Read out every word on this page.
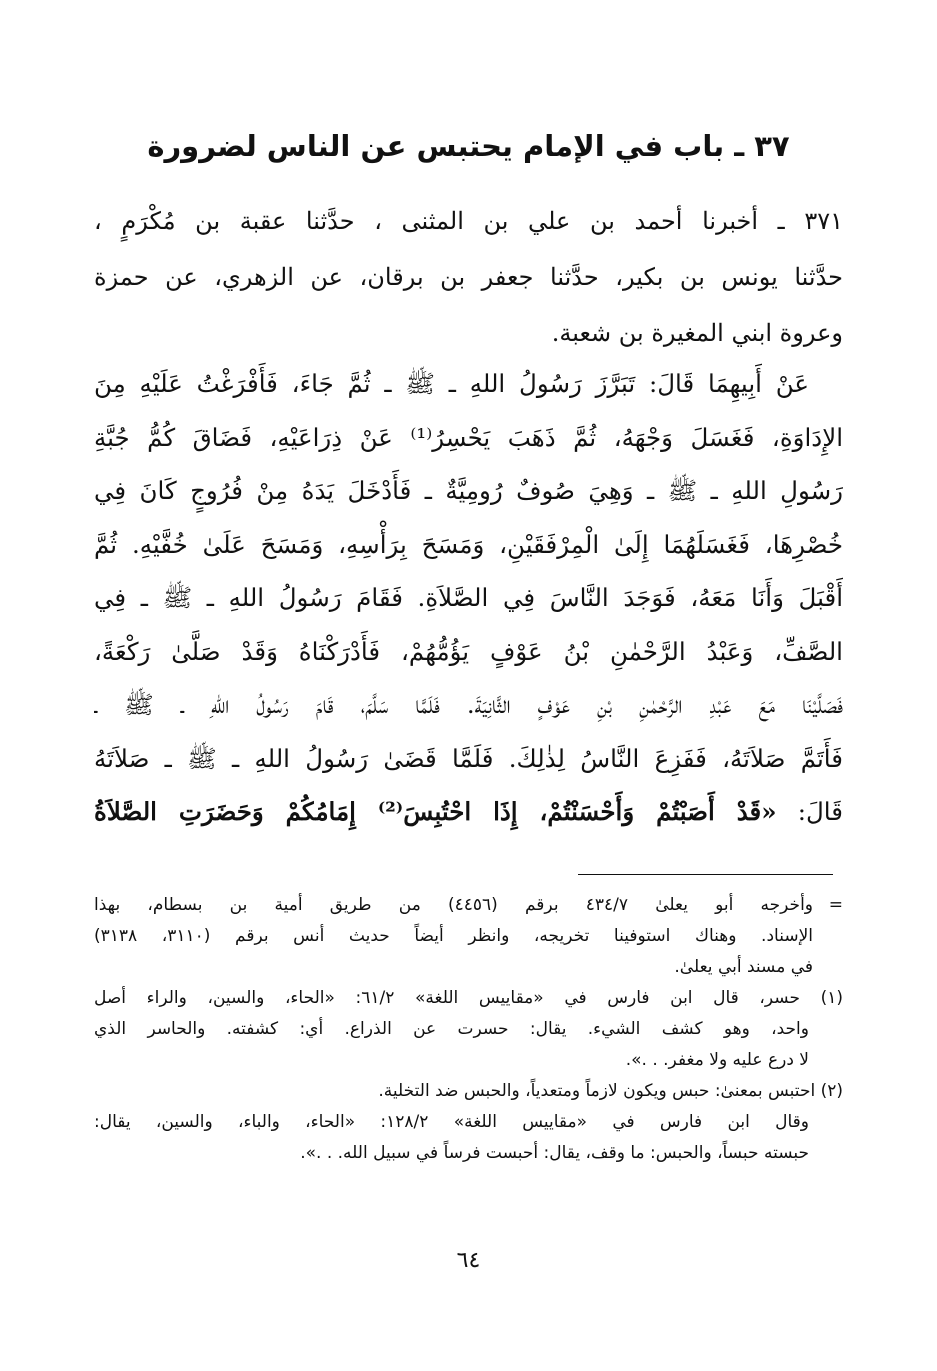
٣٧ ـ باب في الإمام يحتبس عن الناس لضرورة
٣٧١ ـ أخبرنا أحمد بن علي بن المثنى ، حدَّثنا عقبة بن مُكْرَمٍ ،
حدَّثنا يونس بن بكير، حدَّثنا جعفر بن برقان، عن الزهري، عن حمزة
وعروة ابني المغيرة بن شعبة.
عَنْ أَبِيهِمَا قَالَ: تَبَرَّزَ رَسُولُ اللهِ ـ ﷺ ـ ثُمَّ جَاءَ، فَأَفْرَغْتُ عَلَيْهِ مِنَ
الإِدَاوَةِ، فَغَسَلَ وَجْهَهُ، ثُمَّ ذَهَبَ يَحْسِرُ⁽¹⁾ عَنْ ذِرَاعَيْهِ، فَضَاقَ كُمُّ جُبَّةِ
رَسُولِ اللهِ ـ ﷺ ـ وَهِيَ صُوفٌ رُومِيَّةٌ ـ فَأَدْخَلَ يَدَهُ مِنْ فُرُوجٍ كَانَ فِي
خُصْرِهَا، فَغَسَلَهُمَا إِلَىٰ الْمِرْفَقَيْنِ، وَمَسَحَ بِرَأْسِهِ، وَمَسَحَ عَلَىٰ خُفَّيْهِ. ثُمَّ
أَقْبَلَ وَأَنَا مَعَهُ، فَوَجَدَ النَّاسَ فِي الصَّلاَةِ. فَقَامَ رَسُولُ اللهِ ـ ﷺ ـ فِي
الصَّفِّ، وَعَبْدُ الرَّحْمٰنِ بْنُ عَوْفٍ يَؤُمُّهُمْ، فَأَدْرَكْنَاهُ وَقَدْ صَلَّىٰ رَكْعَةً،
فَصَلَّيْنَا مَعَ عَبْدِ الرَّحْمٰنِ بْنِ عَوْفٍ الثَّانِيَةَ. فَلَمَّا سَلَّمَ، قَامَ رَسُولُ اللهِ ـ ﷺ ـ
فَأَتَمَّ صَلاَتَهُ، فَفَزِعَ النَّاسُ لِذٰلِكَ. فَلَمَّا قَضَىٰ رَسُولُ اللهِ ـ ﷺ ـ صَلاَتَهُ
قَالَ: «قَدْ أَصَبْتُمْ وَأَحْسَنْتُمْ، إِذَا احْتُبِسَ⁽²⁾ إِمَامُكُمْ وَحَضَرَتِ الصَّلاَةُ
=
وأخرجه أبو يعلىٰ ٤٣٤/٧ برقم (٤٤٥٦) من طريق أمية بن بسطام، بهذا
الإسناد. وهناك استوفينا تخريجه، وانظر أيضاً حديث أنس برقم (٣١١٠، ٣١٣٨)
في مسند أبي يعلىٰ.
(١) حسر، قال ابن فارس في «مقاييس اللغة» ٦١/٢: «الحاء، والسين، والراء أصل
واحد، وهو كشف الشيء. يقال: حسرت عن الذراع. أي: كشفته. والحاسر الذي
لا درع عليه ولا مغفر. . .».
(٢) احتبس بمعنىٰ: حبس ويكون لازماً ومتعدياً، والحبس ضد التخلية.
وقال ابن فارس في «مقاييس اللغة» ١٢٨/٢: «الحاء، والباء، والسين، يقال:
حبسته حبساً، والحبس: ما وقف، يقال: أحبست فرساً في سبيل الله. . .».
٦٤
